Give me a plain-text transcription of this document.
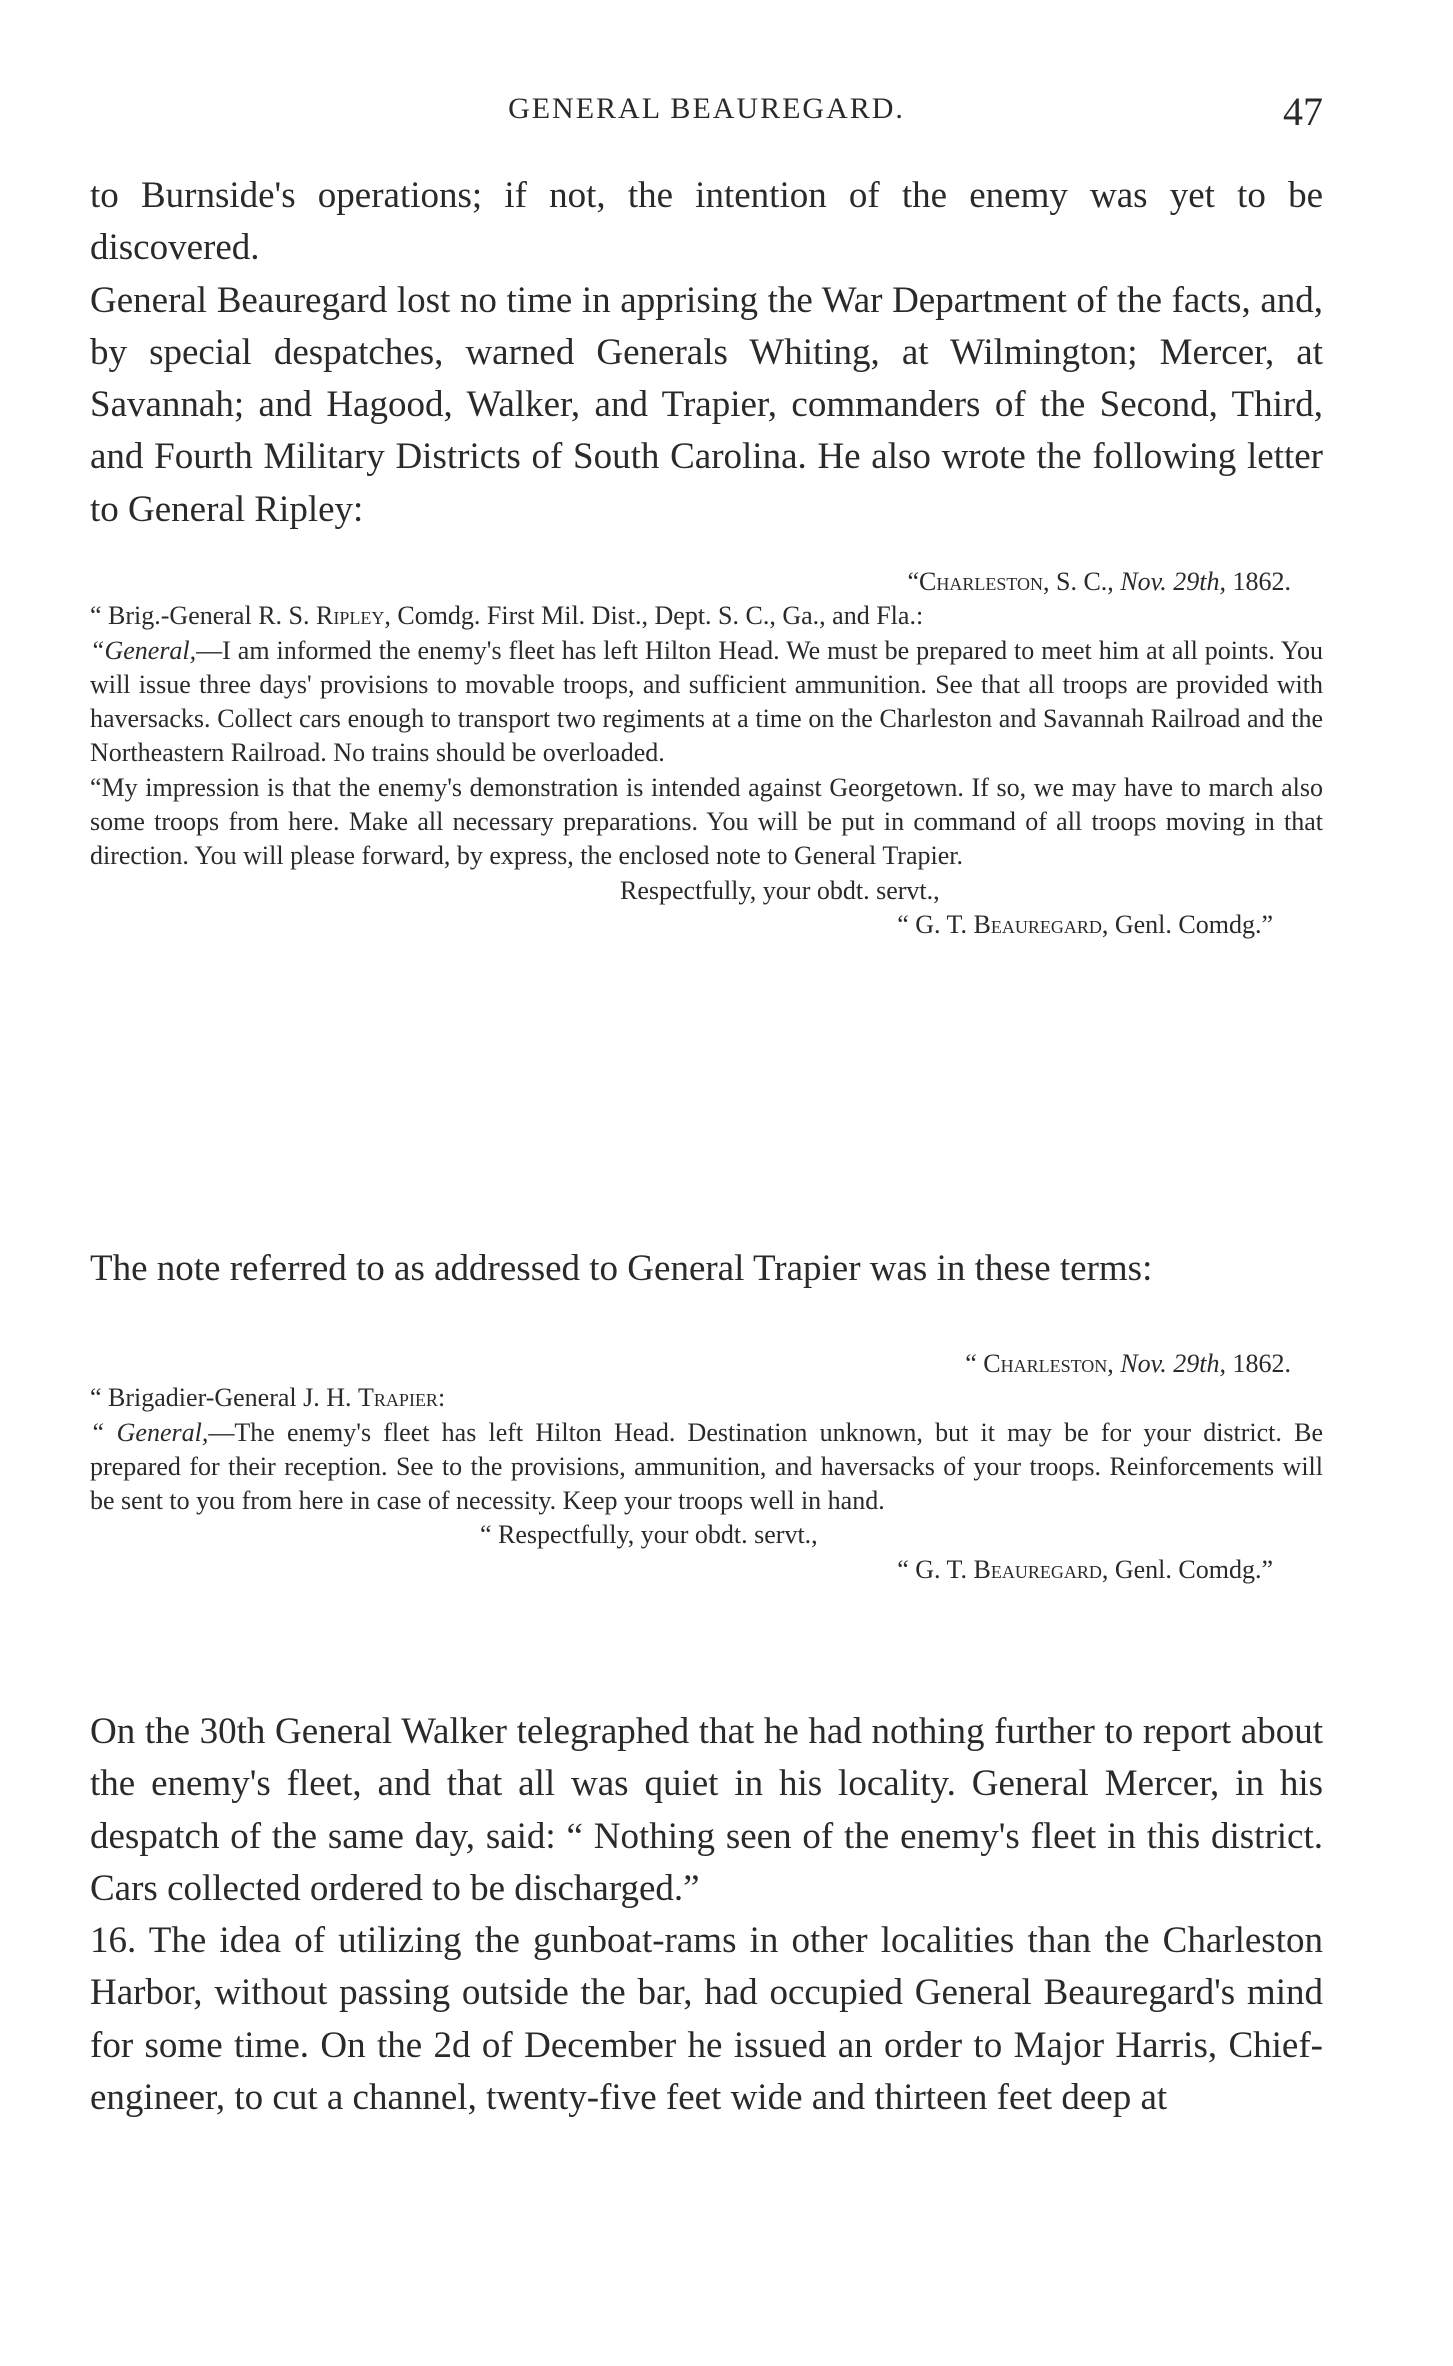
GENERAL BEAUREGARD.	47

to Burnside's operations; if not, the intention of the enemy was yet to be discovered.

General Beauregard lost no time in apprising the War Department of the facts, and, by special despatches, warned Generals Whiting, at Wilmington; Mercer, at Savannah; and Hagood, Walker, and Trapier, commanders of the Second, Third, and Fourth Military Districts of South Carolina. He also wrote the following letter to General Ripley:

“Charleston, S. C., Nov. 29th, 1862.
“ Brig.-General R. S. Ripley, Comdg. First Mil. Dist., Dept. S. C., Ga., and Fla.:

“General,—I am informed the enemy's fleet has left Hilton Head. We must be prepared to meet him at all points. You will issue three days' provisions to movable troops, and sufficient ammunition. See that all troops are provided with haversacks. Collect cars enough to transport two regiments at a time on the Charleston and Savannah Railroad and the Northeastern Railroad. No trains should be overloaded.

“My impression is that the enemy's demonstration is intended against Georgetown. If so, we may have to march also some troops from here. Make all necessary preparations. You will be put in command of all troops moving in that direction. You will please forward, by express, the enclosed note to General Trapier.

Respectfully, your obdt. servt.,
“ G. T. Beauregard, Genl. Comdg.”

The note referred to as addressed to General Trapier was in these terms:

“ Charleston, Nov. 29th, 1862.
“ Brigadier-General J. H. Trapier:

“ General,—The enemy's fleet has left Hilton Head. Destination unknown, but it may be for your district. Be prepared for their reception. See to the provisions, ammunition, and haversacks of your troops. Reinforcements will be sent to you from here in case of necessity. Keep your troops well in hand.

“ Respectfully, your obdt. servt.,
“ G. T. Beauregard, Genl. Comdg.”

On the 30th General Walker telegraphed that he had nothing further to report about the enemy's fleet, and that all was quiet in his locality. General Mercer, in his despatch of the same day, said: “ Nothing seen of the enemy's fleet in this district. Cars collected ordered to be discharged.”

16. The idea of utilizing the gunboat-rams in other localities than the Charleston Harbor, without passing outside the bar, had occupied General Beauregard's mind for some time. On the 2d of December he issued an order to Major Harris, Chief-engineer, to cut a channel, twenty-five feet wide and thirteen feet deep at
